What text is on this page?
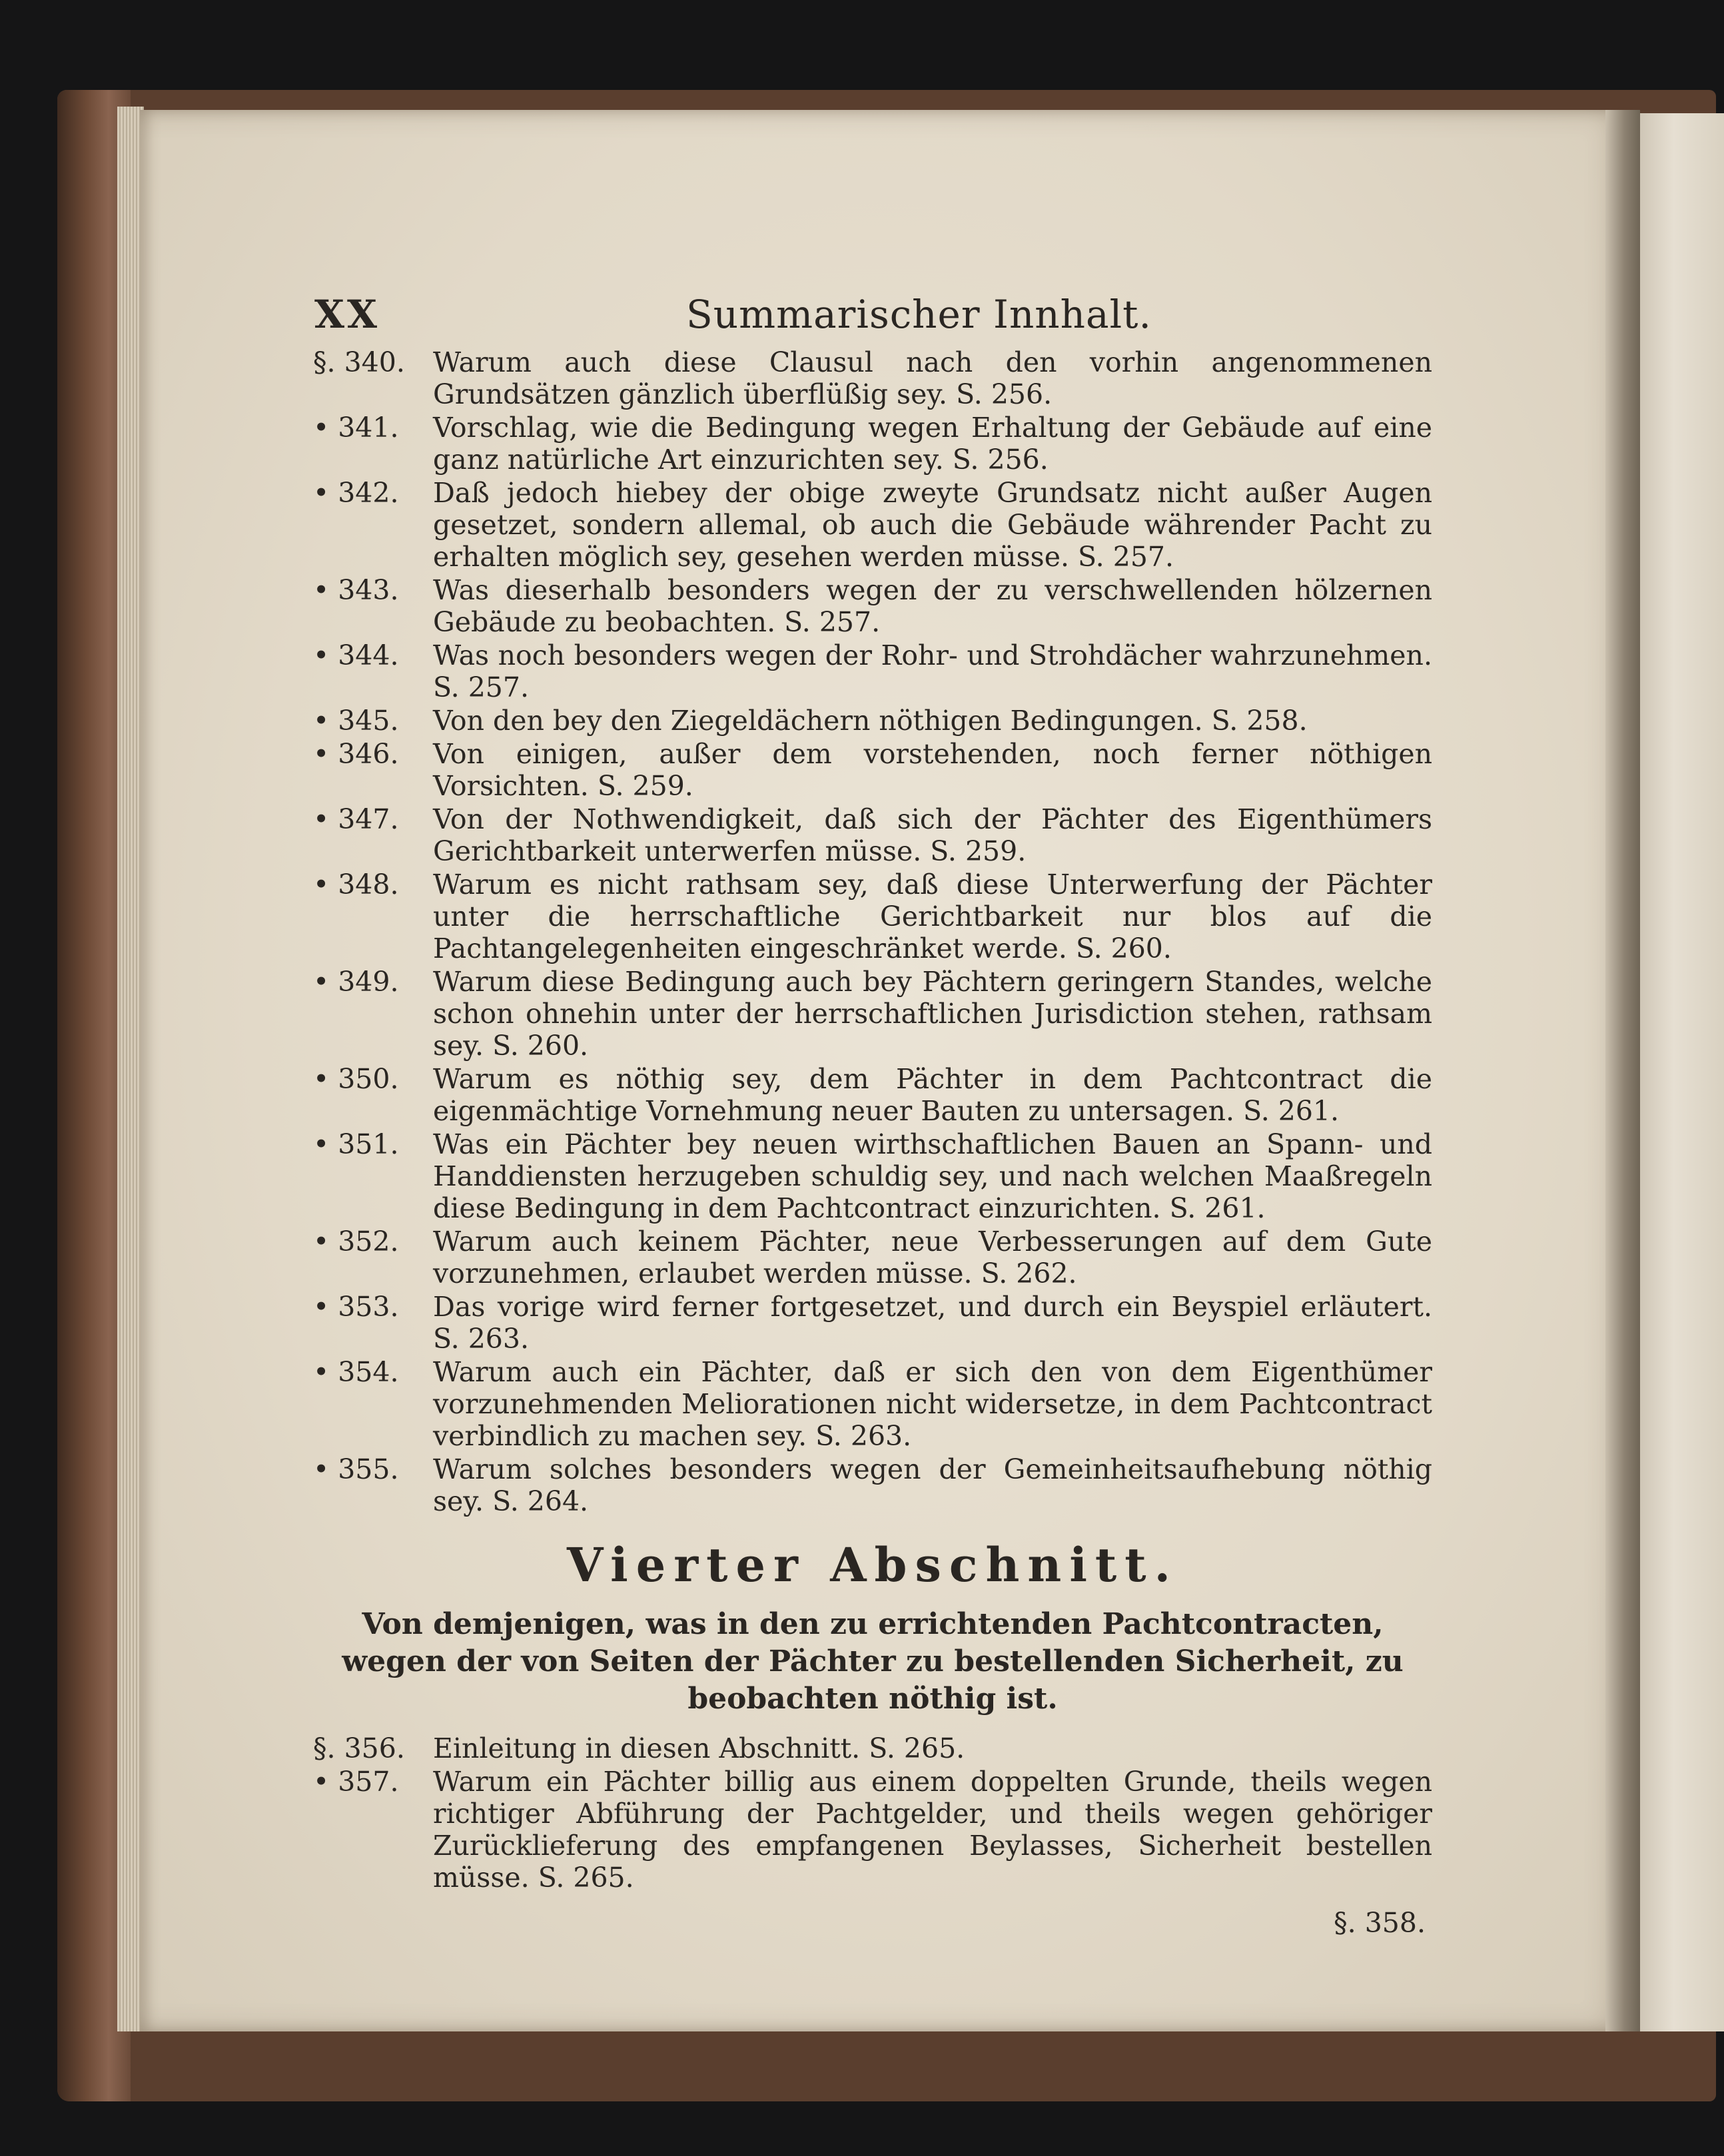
XX	Summarischer Innhalt.
§. 340.	Warum auch diese Clausul nach den vorhin angenommenen Grundsätzen gänzlich überflüßig sey. S. 256.
• 341.	Vorschlag, wie die Bedingung wegen Erhaltung der Gebäude auf eine ganz natürliche Art einzurichten sey. S. 256.
• 342.	Daß jedoch hiebey der obige zweyte Grundsatz nicht außer Augen gesetzet, sondern allemal, ob auch die Gebäude währender Pacht zu erhalten möglich sey, gesehen werden müsse. S. 257.
• 343.	Was dieserhalb besonders wegen der zu verschwellenden hölzernen Gebäude zu beobachten. S. 257.
• 344.	Was noch besonders wegen der Rohr- und Strohdächer wahrzunehmen. S. 257.
• 345.	Von den bey den Ziegeldächern nöthigen Bedingungen. S. 258.
• 346.	Von einigen, außer dem vorstehenden, noch ferner nöthigen Vorsichten. S. 259.
• 347.	Von der Nothwendigkeit, daß sich der Pächter des Eigenthümers Gerichtbarkeit unterwerfen müsse. S. 259.
• 348.	Warum es nicht rathsam sey, daß diese Unterwerfung der Pächter unter die herrschaftliche Gerichtbarkeit nur blos auf die Pachtangelegenheiten eingeschränket werde. S. 260.
• 349.	Warum diese Bedingung auch bey Pächtern geringern Standes, welche schon ohnehin unter der herrschaftlichen Jurisdiction stehen, rathsam sey. S. 260.
• 350.	Warum es nöthig sey, dem Pächter in dem Pachtcontract die eigenmächtige Vornehmung neuer Bauten zu untersagen. S. 261.
• 351.	Was ein Pächter bey neuen wirthschaftlichen Bauen an Spann- und Handdiensten herzugeben schuldig sey, und nach welchen Maaßregeln diese Bedingung in dem Pachtcontract einzurichten. S. 261.
• 352.	Warum auch keinem Pächter, neue Verbesserungen auf dem Gute vorzunehmen, erlaubet werden müsse. S. 262.
• 353.	Das vorige wird ferner fortgesetzet, und durch ein Beyspiel erläutert. S. 263.
• 354.	Warum auch ein Pächter, daß er sich den von dem Eigenthümer vorzunehmenden Meliorationen nicht widersetze, in dem Pachtcontract verbindlich zu machen sey. S. 263.
• 355.	Warum solches besonders wegen der Gemeinheitsaufhebung nöthig sey. S. 264.
Vierter Abschnitt.
Von demjenigen, was in den zu errichtenden Pachtcontracten, wegen der von Seiten der Pächter zu bestellenden Sicherheit, zu beobachten nöthig ist.
§. 356.	Einleitung in diesen Abschnitt. S. 265.
• 357.	Warum ein Pächter billig aus einem doppelten Grunde, theils wegen richtiger Abführung der Pachtgelder, und theils wegen gehöriger Zurücklieferung des empfangenen Beylasses, Sicherheit bestellen müsse. S. 265.
§. 358.
